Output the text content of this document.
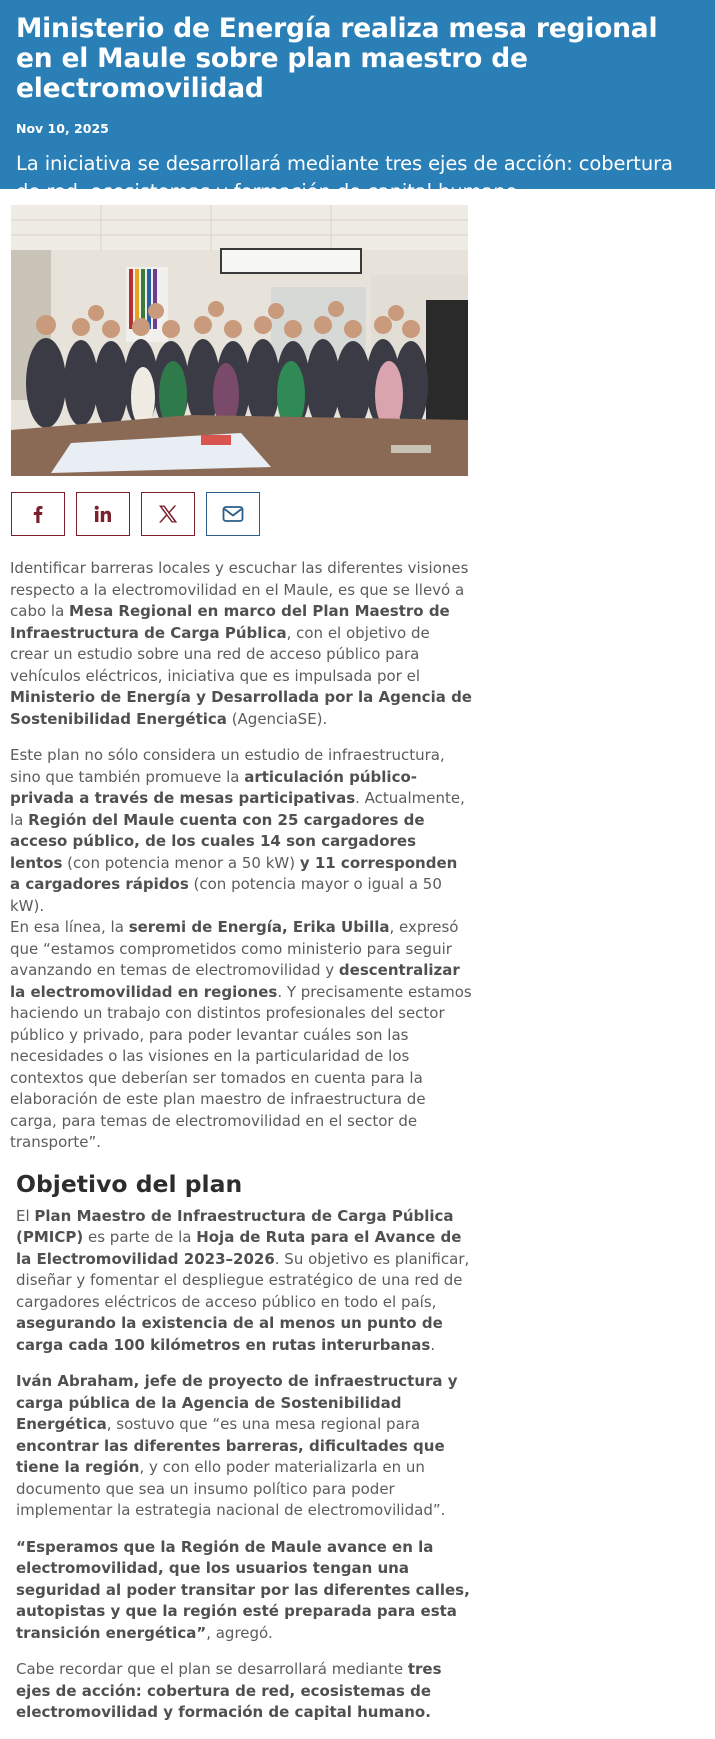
Ministerio de Energía realiza mesa regional en el Maule sobre plan maestro de electromovilidad
Nov 10, 2025
La iniciativa se desarrollará mediante tres ejes de acción: cobertura de red, ecosistemas y formación de capital humano.

Identificar barreras locales y escuchar las diferentes visiones respecto a la electromovilidad en el Maule, es que se llevó a cabo la Mesa Regional en marco del Plan Maestro de Infraestructura de Carga Pública, con el objetivo de crear un estudio sobre una red de acceso público para vehículos eléctricos, iniciativa que es impulsada por el Ministerio de Energía y Desarrollada por la Agencia de Sostenibilidad Energética (AgenciaSE).

Este plan no sólo considera un estudio de infraestructura, sino que también promueve la articulación público-privada a través de mesas participativas. Actualmente, la Región del Maule cuenta con 25 cargadores de acceso público, de los cuales 14 son cargadores lentos (con potencia menor a 50 kW) y 11 corresponden a cargadores rápidos (con potencia mayor o igual a 50 kW).

En esa línea, la seremi de Energía, Erika Ubilla, expresó que “estamos comprometidos como ministerio para seguir avanzando en temas de electromovilidad y descentralizar la electromovilidad en regiones. Y precisamente estamos haciendo un trabajo con distintos profesionales del sector público y privado, para poder levantar cuáles son las necesidades o las visiones en la particularidad de los contextos que deberían ser tomados en cuenta para la elaboración de este plan maestro de infraestructura de carga, para temas de electromovilidad en el sector de transporte”.

Objetivo del plan

El Plan Maestro de Infraestructura de Carga Pública (PMICP) es parte de la Hoja de Ruta para el Avance de la Electromovilidad 2023–2026. Su objetivo es planificar, diseñar y fomentar el despliegue estratégico de una red de cargadores eléctricos de acceso público en todo el país, asegurando la existencia de al menos un punto de carga cada 100 kilómetros en rutas interurbanas.

Iván Abraham, jefe de proyecto de infraestructura y carga pública de la Agencia de Sostenibilidad Energética, sostuvo que “es una mesa regional para encontrar las diferentes barreras, dificultades que tiene la región, y con ello poder materializarla en un documento que sea un insumo político para poder implementar la estrategia nacional de electromovilidad”.

“Esperamos que la Región de Maule avance en la electromovilidad, que los usuarios tengan una seguridad al poder transitar por las diferentes calles, autopistas y que la región esté preparada para esta transición energética”, agregó.

Cabe recordar que el plan se desarrollará mediante tres ejes de acción: cobertura de red, ecosistemas de electromovilidad y formación de capital humano.
